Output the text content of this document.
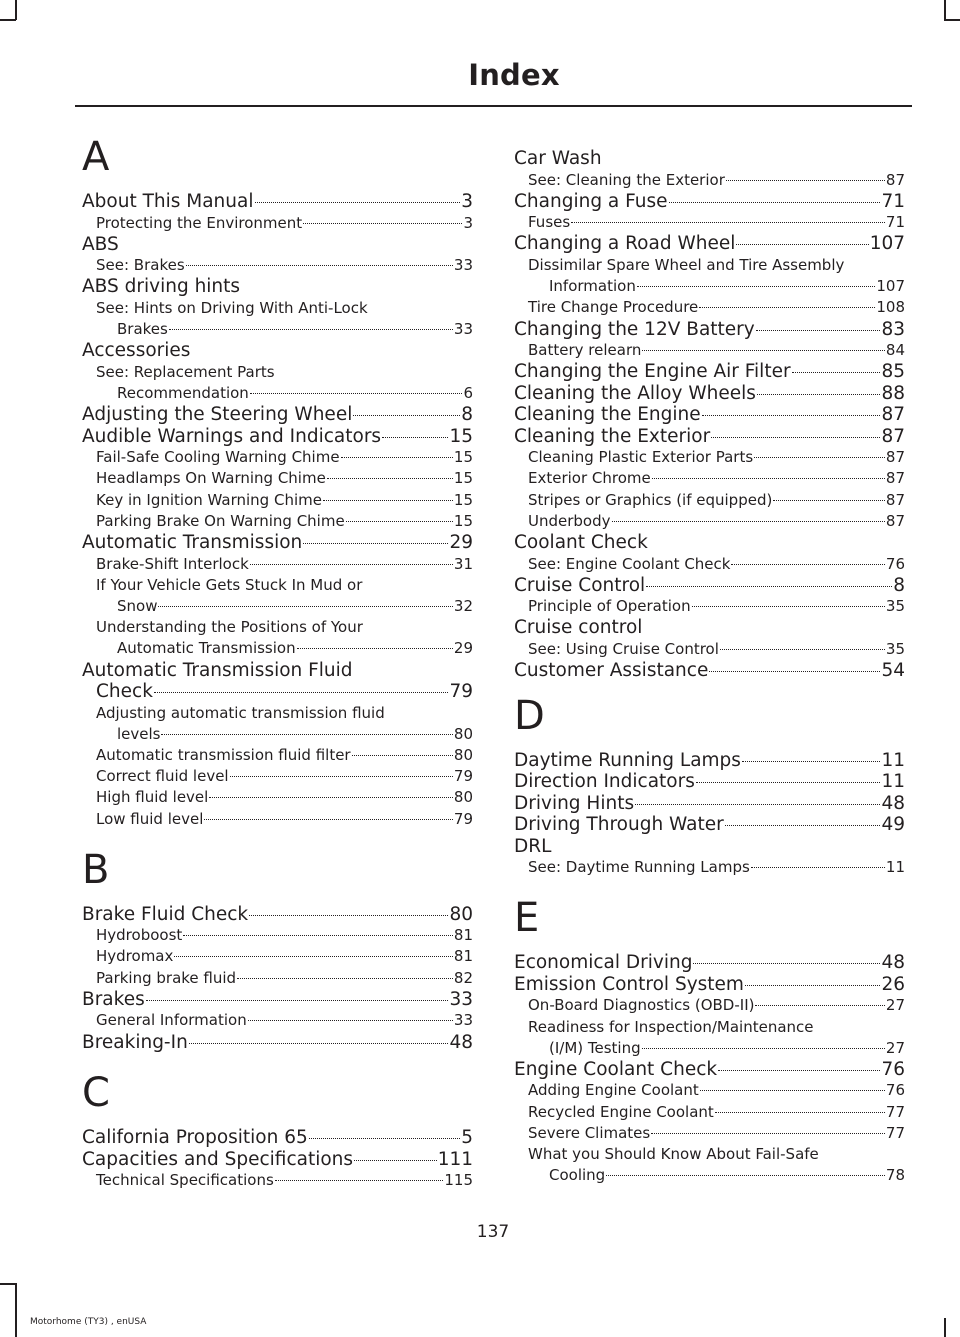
Index
A
About This Manual	3
Protecting the Environment	3
ABS
See: Brakes	33
ABS driving hints
See: Hints on Driving With Anti-Lock
Brakes	33
Accessories
See: Replacement Parts
Recommendation	6
Adjusting the Steering Wheel	8
Audible Warnings and Indicators	15
Fail-Safe Cooling Warning Chime	15
Headlamps On Warning Chime	15
Key in Ignition Warning Chime	15
Parking Brake On Warning Chime	15
Automatic Transmission	29
Brake-Shift Interlock	31
If Your Vehicle Gets Stuck In Mud or
Snow	32
Understanding the Positions of Your
Automatic Transmission	29
Automatic Transmission Fluid
Check	79
Adjusting automatic transmission fluid
levels	80
Automatic transmission fluid filter	80
Correct fluid level	79
High fluid level	80
Low fluid level	79
B
Brake Fluid Check	80
Hydroboost	81
Hydromax	81
Parking brake fluid	82
Brakes	33
General Information	33
Breaking-In	48
C
California Proposition 65	5
Capacities and Specifications	111
Technical Specifications	115
Car Wash
See: Cleaning the Exterior	87
Changing a Fuse	71
Fuses	71
Changing a Road Wheel	107
Dissimilar Spare Wheel and Tire Assembly
Information	107
Tire Change Procedure	108
Changing the 12V Battery	83
Battery relearn	84
Changing the Engine Air Filter	85
Cleaning the Alloy Wheels	88
Cleaning the Engine	87
Cleaning the Exterior	87
Cleaning Plastic Exterior Parts	87
Exterior Chrome	87
Stripes or Graphics (if equipped)	87
Underbody	87
Coolant Check
See: Engine Coolant Check	76
Cruise Control	8
Principle of Operation	35
Cruise control
See: Using Cruise Control	35
Customer Assistance	54
D
Daytime Running Lamps	11
Direction Indicators	11
Driving Hints	48
Driving Through Water	49
DRL
See: Daytime Running Lamps	11
E
Economical Driving	48
Emission Control System	26
On-Board Diagnostics (OBD-II)	27
Readiness for Inspection/Maintenance
(I/M) Testing	27
Engine Coolant Check	76
Adding Engine Coolant	76
Recycled Engine Coolant	77
Severe Climates	77
What you Should Know About Fail-Safe
Cooling	78
137
Motorhome (TY3) , enUSA
